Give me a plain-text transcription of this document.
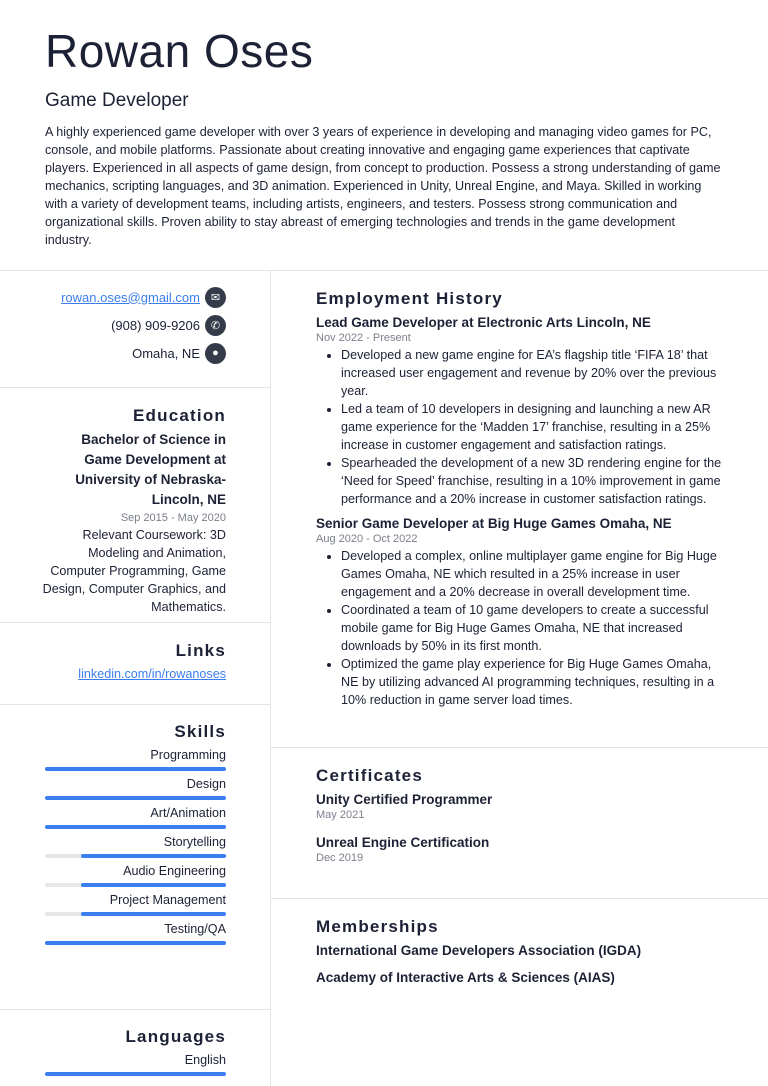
Rowan Oses
Game Developer

A highly experienced game developer with over 3 years of experience in developing and managing video games for PC, console, and mobile platforms. Passionate about creating innovative and engaging game experiences that captivate players. Experienced in all aspects of game design, from concept to production. Possess a strong understanding of game mechanics, scripting languages, and 3D animation. Experienced in Unity, Unreal Engine, and Maya. Skilled in working with a variety of development teams, including artists, engineers, and testers. Possess strong communication and organizational skills. Proven ability to stay abreast of emerging technologies and trends in the game development industry.

rowan.oses@gmail.com ✉
(908) 909-9206 ✆
Omaha, NE	●
Education
Bachelor of Science in Game Development at University of Nebraska-Lincoln, NE
Sep 2015 - May 2020
Relevant Coursework: 3D Modeling and Animation, Computer Programming, Game Design, Computer Graphics, and Mathematics.
Links
linkedin.com/in/rowanoses
Skills
Programming
Design
Art/Animation
Storytelling
Audio Engineering
Project Management
Testing/QA
Languages
English
Employment History
Lead Game Developer at Electronic Arts Lincoln, NE
Nov 2022 - Present
• Developed a new game engine for EA’s flagship title ‘FIFA 18’ that increased user engagement and revenue by 20% over the previous year.
• Led a team of 10 developers in designing and launching a new AR game experience for the ‘Madden 17’ franchise, resulting in a 25% increase in customer engagement and satisfaction ratings.
• Spearheaded the development of a new 3D rendering engine for the ‘Need for Speed’ franchise, resulting in a 10% improvement in game performance and a 20% increase in customer satisfaction ratings.
Senior Game Developer at Big Huge Games Omaha, NE
Aug 2020 - Oct 2022
• Developed a complex, online multiplayer game engine for Big Huge Games Omaha, NE which resulted in a 25% increase in user engagement and a 20% decrease in overall development time.
• Coordinated a team of 10 game developers to create a successful mobile game for Big Huge Games Omaha, NE that increased downloads by 50% in its first month.
• Optimized the game play experience for Big Huge Games Omaha, NE by utilizing advanced AI programming techniques, resulting in a 10% reduction in game server load times.
Certificates
Unity Certified Programmer
May 2021
Unreal Engine Certification
Dec 2019
Memberships
International Game Developers Association (IGDA)
Academy of Interactive Arts & Sciences (AIAS)
